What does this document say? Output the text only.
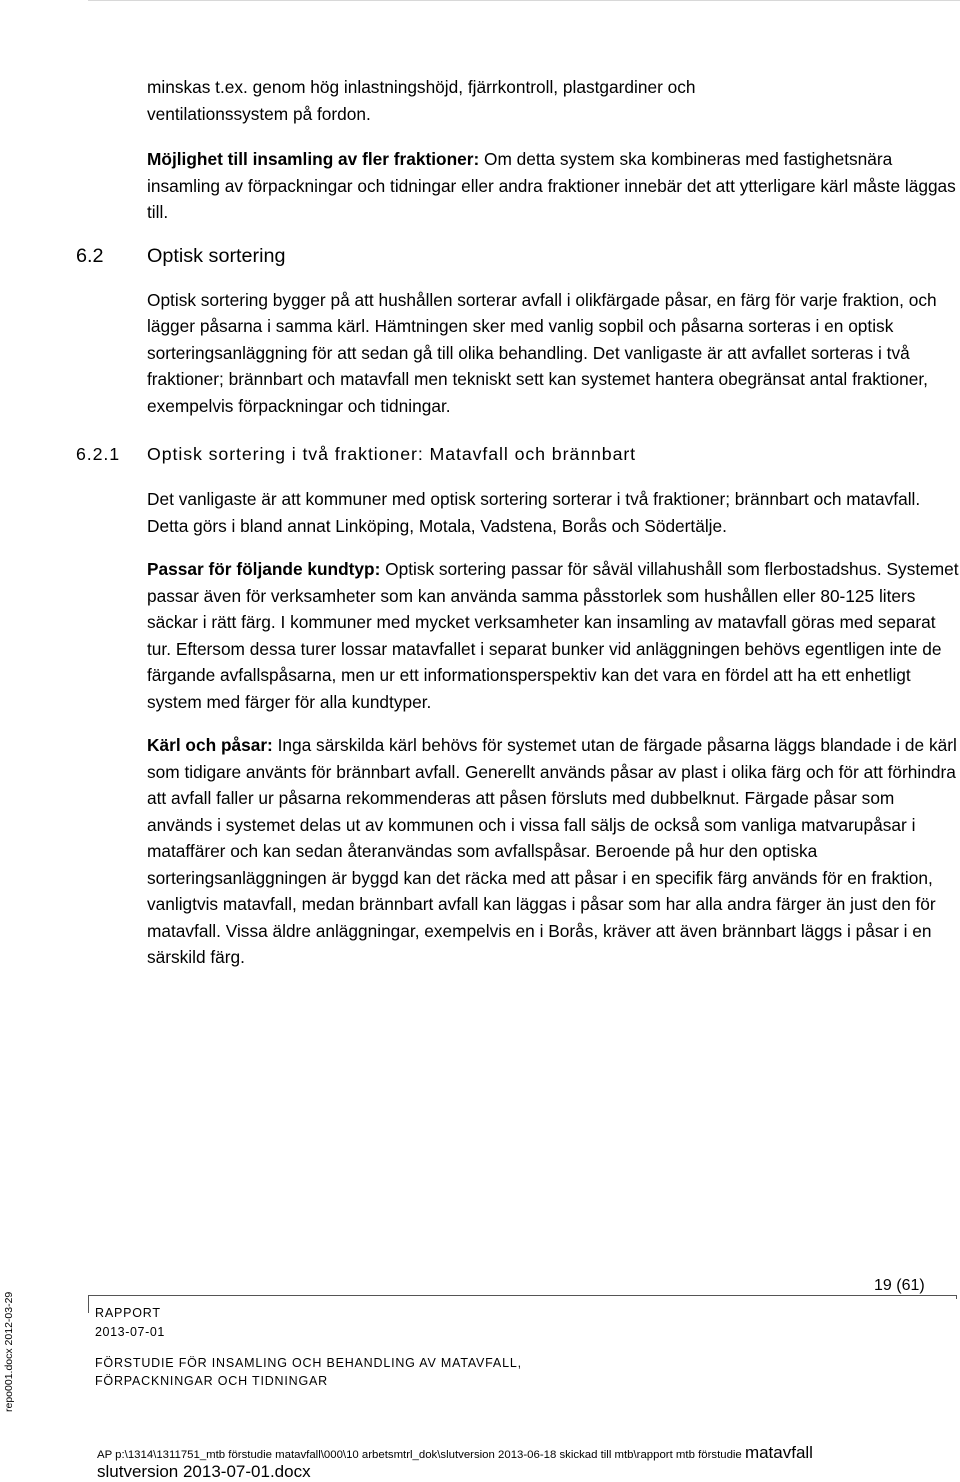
minskas t.ex. genom hög inlastningshöjd, fjärrkontroll, plastgardiner och
ventilationssystem på fordon.

Möjlighet till insamling av fler fraktioner: Om detta system ska kombineras med fastighetsnära insamling av förpackningar och tidningar eller andra fraktioner innebär det att ytterligare kärl måste läggas till.

6.2 Optisk sortering

Optisk sortering bygger på att hushållen sorterar avfall i olikfärgade påsar, en färg för varje fraktion, och lägger påsarna i samma kärl. Hämtningen sker med vanlig sopbil och påsarna sorteras i en optisk sorteringsanläggning för att sedan gå till olika behandling. Det vanligaste är att avfallet sorteras i två fraktioner; brännbart och matavfall men tekniskt sett kan systemet hantera obegränsat antal fraktioner, exempelvis förpackningar och tidningar.

6.2.1 Optisk sortering i två fraktioner: Matavfall och brännbart

Det vanligaste är att kommuner med optisk sortering sorterar i två fraktioner; brännbart och matavfall. Detta görs i bland annat Linköping, Motala, Vadstena, Borås och Södertälje.

Passar för följande kundtyp: Optisk sortering passar för såväl villahushåll som flerbostadshus. Systemet passar även för verksamheter som kan använda samma påsstorlek som hushållen eller 80-125 liters säckar i rätt färg. I kommuner med mycket verksamheter kan insamling av matavfall göras med separat tur. Eftersom dessa turer lossar matavfallet i separat bunker vid anläggningen behövs egentligen inte de färgande avfallspåsarna, men ur ett informationsperspektiv kan det vara en fördel att ha ett enhetligt system med färger för alla kundtyper.

Kärl och påsar: Inga särskilda kärl behövs för systemet utan de färgade påsarna läggs blandade i de kärl som tidigare använts för brännbart avfall. Generellt används påsar av plast i olika färg och för att förhindra att avfall faller ur påsarna rekommenderas att påsen försluts med dubbelknut. Färgade påsar som används i systemet delas ut av kommunen och i vissa fall säljs de också som vanliga matvarupåsar i mataffärer och kan sedan återanvändas som avfallspåsar. Beroende på hur den optiska sorteringsanläggningen är byggd kan det räcka med att påsar i en specifik färg används för en fraktion, vanligtvis matavfall, medan brännbart avfall kan läggas i påsar som har alla andra färger än just den för matavfall. Vissa äldre anläggningar, exempelvis en i Borås, kräver att även brännbart läggs i påsar i en särskild färg.

19 (61)
RAPPORT
2013-07-01
FÖRSTUDIE FÖR INSAMLING OCH BEHANDLING AV MATAVFALL,
FÖRPACKNINGAR OCH TIDNINGAR
AP p:\1314\1311751_mtb förstudie matavfall\000\10 arbetsmtrl_dok\slutversion 2013-06-18 skickad till mtb\rapport mtb förstudie matavfall
slutversion 2013-07-01.docx
repo001.docx 2012-03-29
